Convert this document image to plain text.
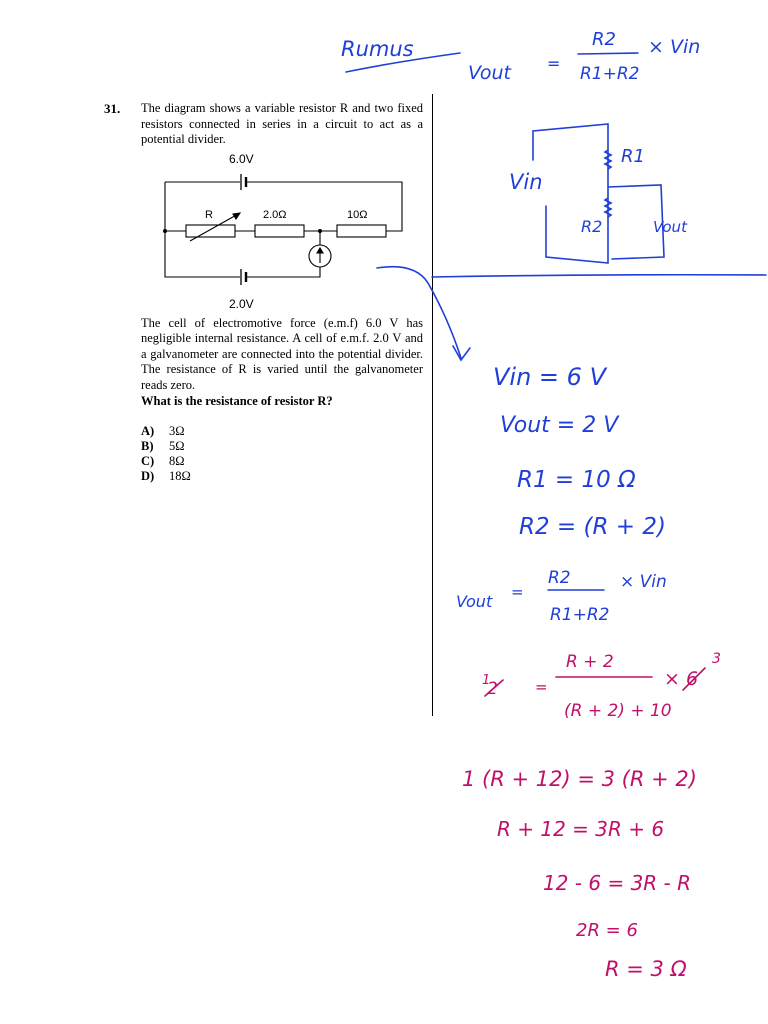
31. The diagram shows a variable resistor R and two fixed resistors connected in series in a circuit to act as a potential divider.
6.0V
R	2.0Ω	10Ω
2.0V
The cell of electromotive force (e.m.f) 6.0 V has negligible internal resistance. A cell of e.m.f. 2.0 V and a galvanometer are connected into the potential divider. The resistance of R is varied until the galvanometer reads zero.
What is the resistance of resistor R?
A)	3Ω
B)	5Ω
C)	8Ω
D)	18Ω
Rumus
Vout =
R2
R1+R2
× Vin
Vin
R1
R2	Vout
Vin = 6 V
Vout = 2 V
R1 = 10 Ω
R2 = (R + 2)
Vout =
R2
R1+R2
× Vin
2
1	=
R + 2
(R + 2) + 10
× 6
3
1 (R + 12) = 3 (R + 2)
R + 12 = 3R + 6
12 - 6 = 3R - R
2R = 6
R = 3 Ω
